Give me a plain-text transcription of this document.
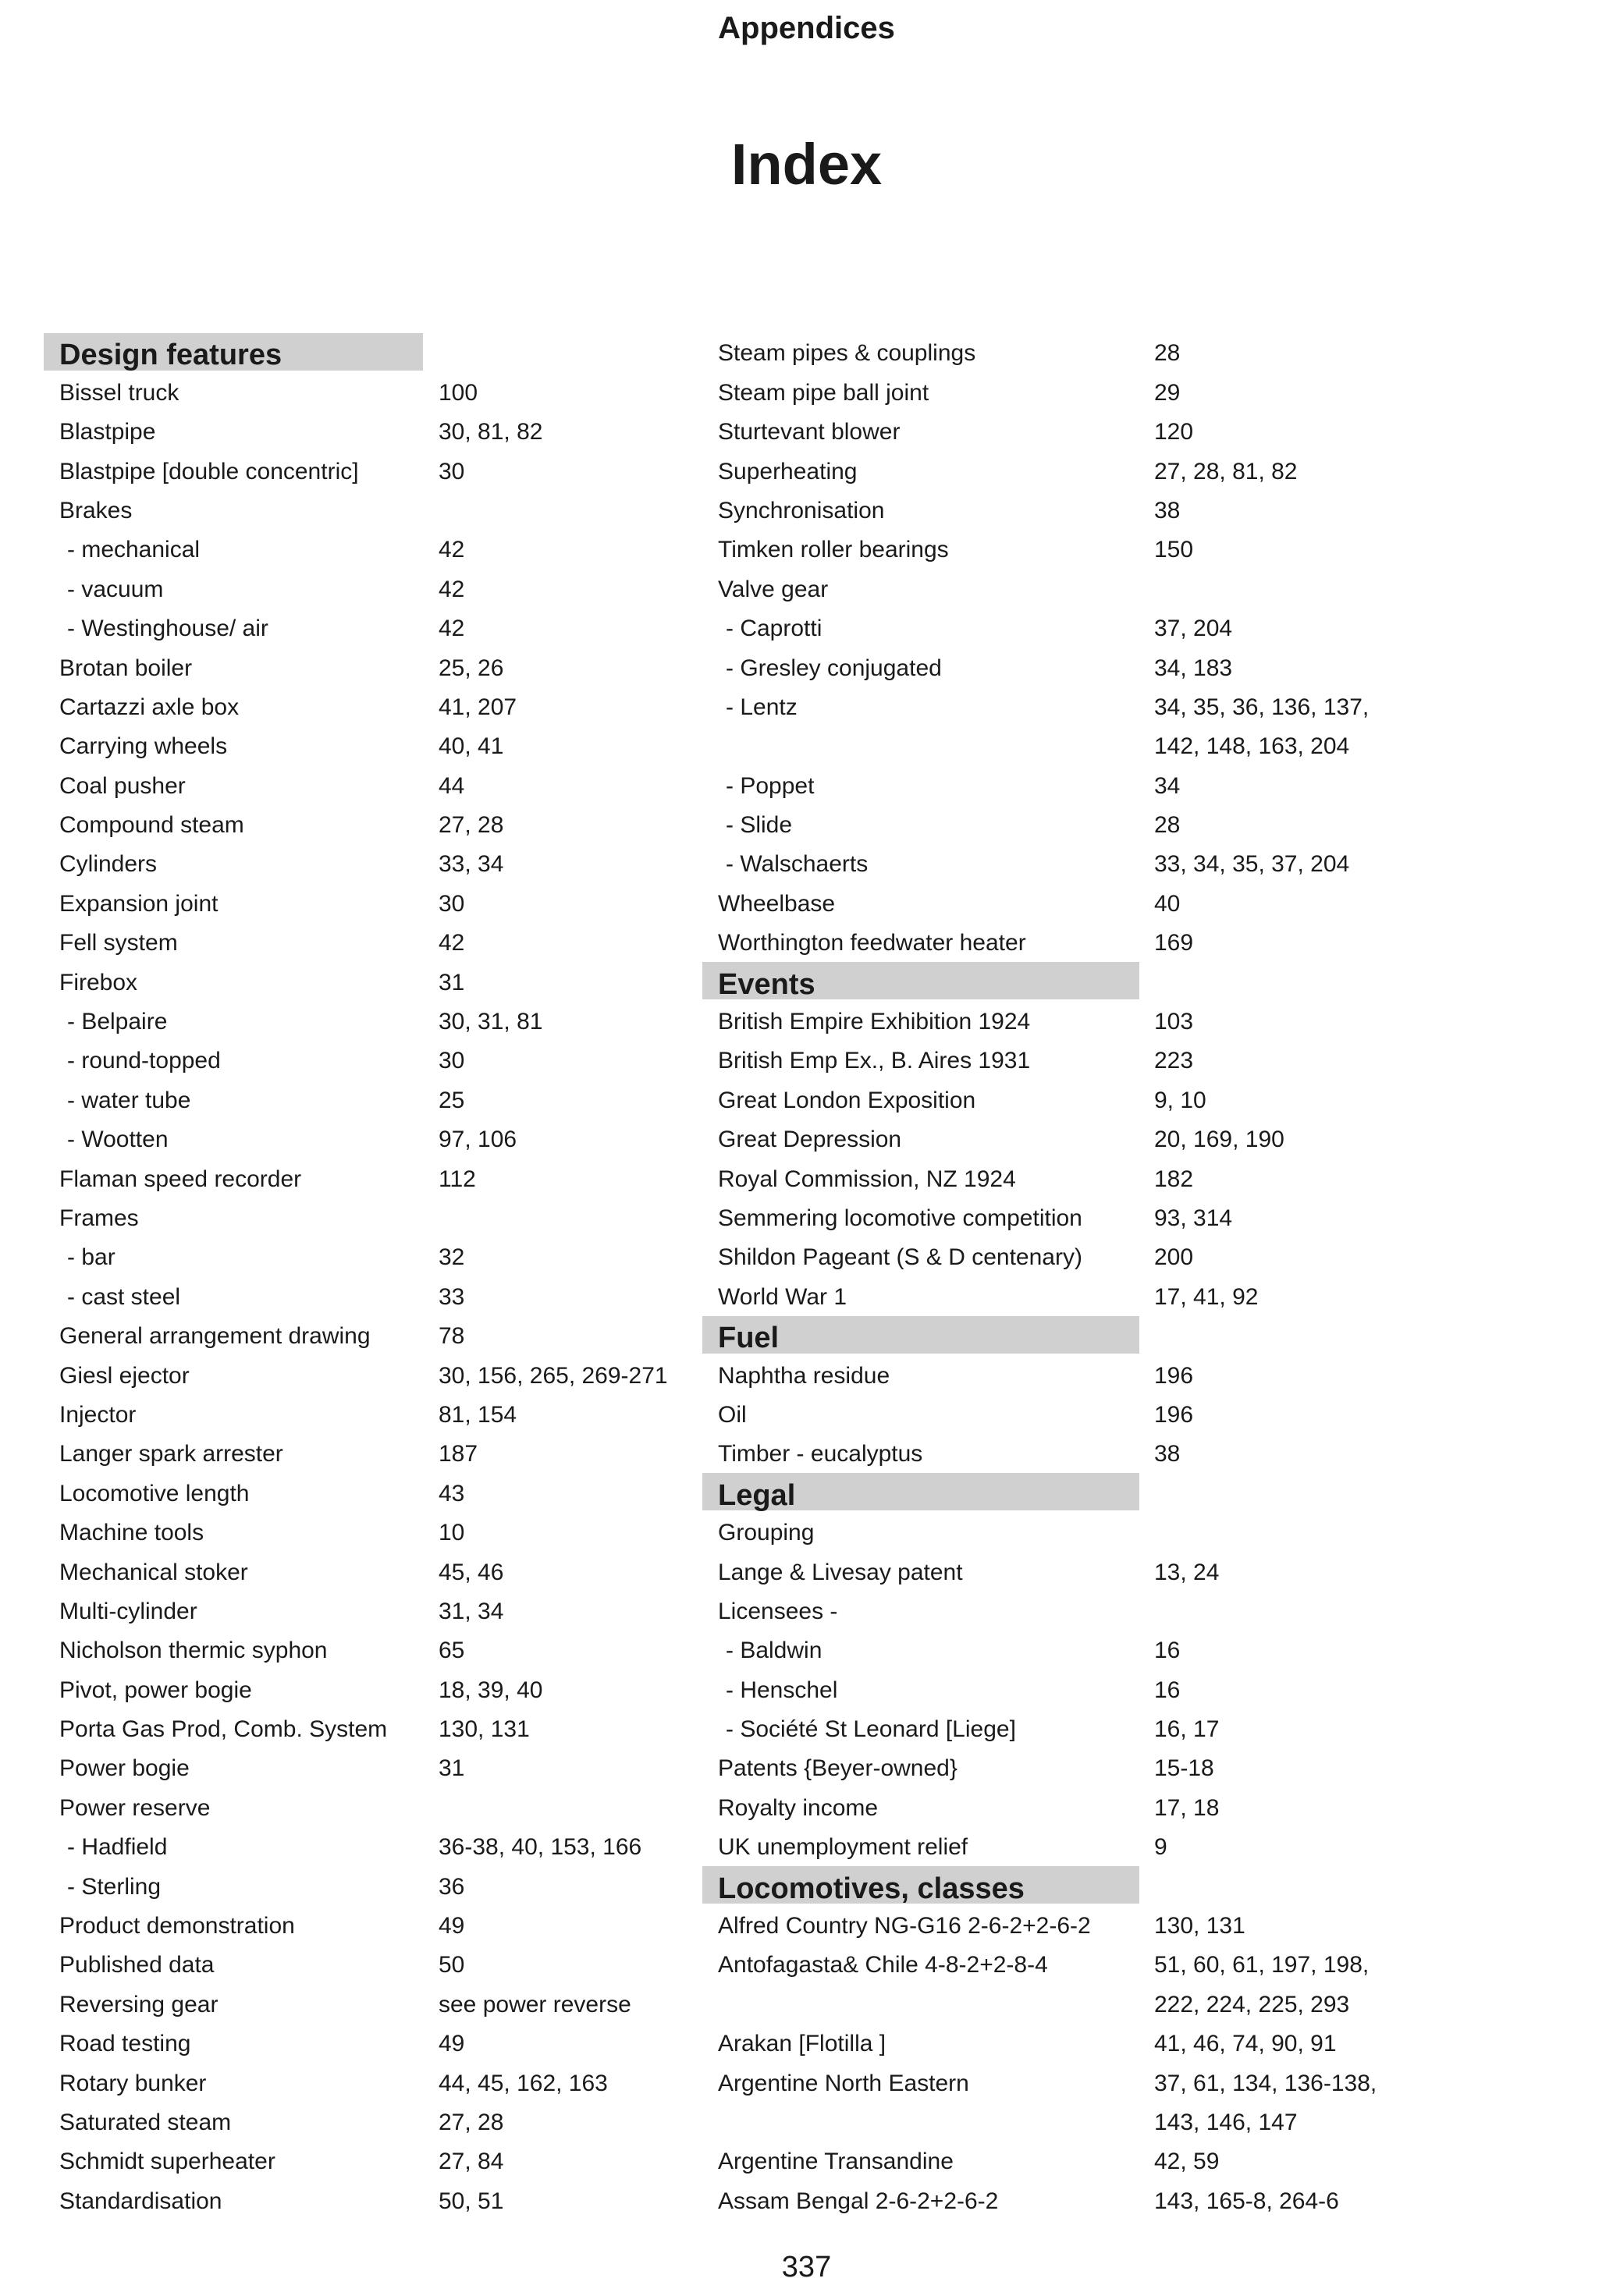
Appendices
Index
Design features
Bissel truck	100
Blastpipe	30, 81, 82
Blastpipe [double concentric]	30
Brakes
- mechanical	42
- vacuum	42
- Westinghouse/ air	42
Brotan boiler	25, 26
Cartazzi axle box	41, 207
Carrying wheels	40, 41
Coal pusher	44
Compound steam	27, 28
Cylinders	33, 34
Expansion joint	30
Fell system	42
Firebox	31
- Belpaire	30, 31, 81
- round-topped	30
- water tube	25
- Wootten	97, 106
Flaman speed recorder	112
Frames
- bar	32
- cast steel	33
General arrangement drawing	78
Giesl ejector	30, 156, 265, 269-271
Injector	81, 154
Langer spark arrester	187
Locomotive length	43
Machine tools	10
Mechanical stoker	45, 46
Multi-cylinder	31, 34
Nicholson thermic syphon	65
Pivot, power bogie	18, 39, 40
Porta Gas Prod, Comb. System 130, 131
Power bogie	31
Power reserve
- Hadfield	36-38, 40, 153, 166
- Sterling	36
Product demonstration	49
Published data	50
Reversing gear	see power reverse
Road testing	49
Rotary bunker	44, 45, 162, 163
Saturated steam	27, 28
Schmidt superheater	27, 84
Standardisation	50, 51
Steam pipes & couplings	28
Steam pipe ball joint	29
Sturtevant blower	120
Superheating	27, 28, 81, 82
Synchronisation	38
Timken roller bearings	150
Valve gear
- Caprotti	37, 204
- Gresley conjugated	34, 183
- Lentz	34, 35, 36, 136, 137,
142, 148, 163, 204
- Poppet	34
- Slide	28
- Walschaerts	33, 34, 35, 37, 204
Wheelbase	40
Worthington feedwater heater	169
Events
British Empire Exhibition 1924	103
British Emp Ex., B. Aires 1931	223
Great London Exposition	9, 10
Great Depression	20, 169, 190
Royal Commission, NZ 1924	182
Semmering locomotive competition	93, 314
Shildon Pageant (S & D centenary)	200
World War 1	17, 41, 92
Fuel
Naphtha residue	196
Oil	196
Timber - eucalyptus	38
Legal
Grouping
Lange & Livesay patent	13, 24
Licensees -
- Baldwin	16
- Henschel	16
- Société St Leonard [Liege]	16, 17
Patents {Beyer-owned}	15-18
Royalty income	17, 18
UK unemployment relief	9
Locomotives, classes
Alfred Country NG-G16 2-6-2+2-6-2	130, 131
Antofagasta& Chile 4-8-2+2-8-4	51, 60, 61, 197, 198,
222, 224, 225, 293
Arakan [Flotilla ]	41, 46, 74, 90, 91
Argentine North Eastern	37, 61, 134, 136-138,
143, 146, 147
Argentine Transandine	42, 59
Assam Bengal 2-6-2+2-6-2	143, 165-8, 264-6
337
